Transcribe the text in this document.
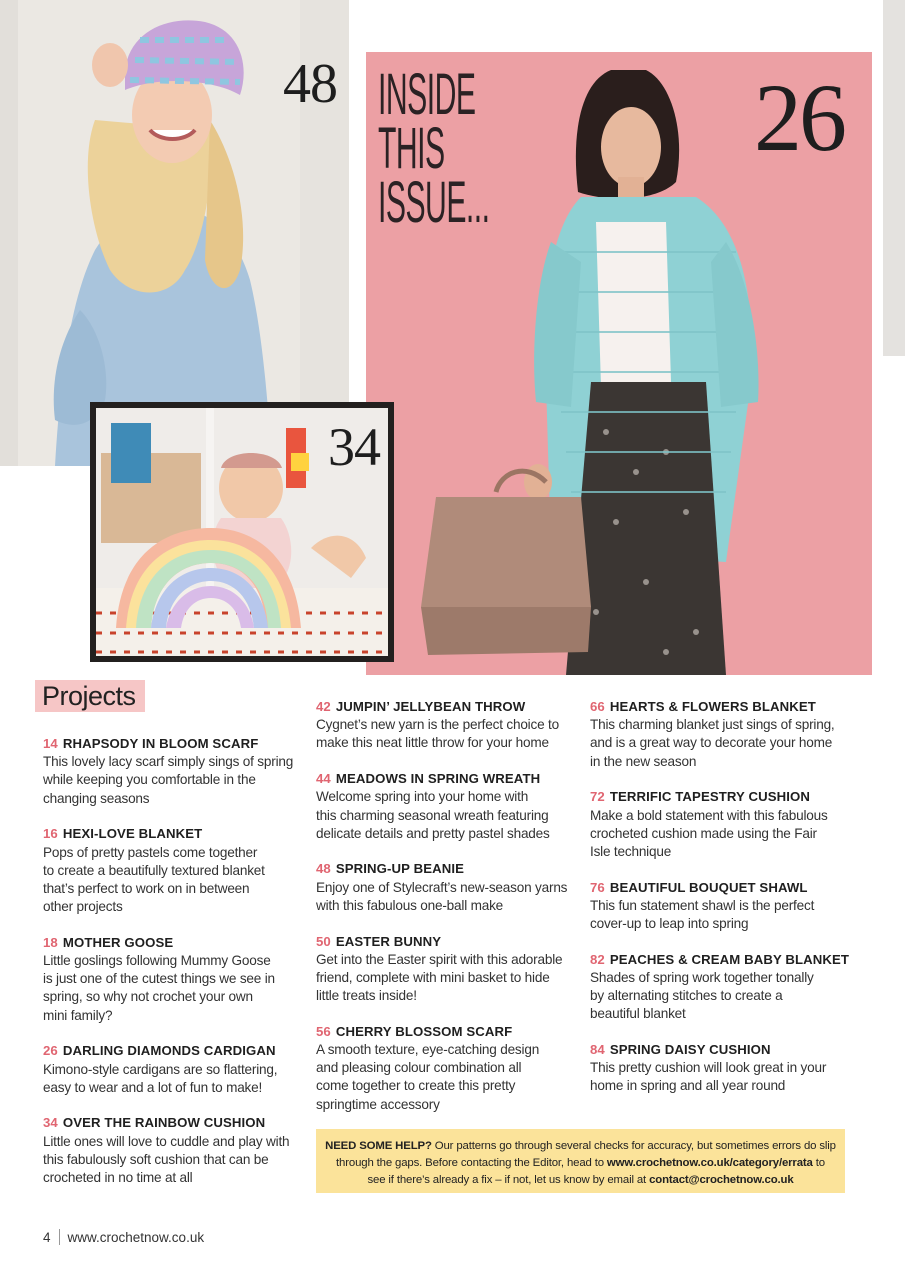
48	26
34
INSIDE
THIS
ISSUE...
Projects
14 RHAPSODY IN BLOOM SCARF
This lovely lacy scarf simply sings of spring
while keeping you comfortable in the
changing seasons
16 HEXI-LOVE BLANKET
Pops of pretty pastels come together
to create a beautifully textured blanket
that’s perfect to work on in between
other projects
18 MOTHER GOOSE
Little goslings following Mummy Goose
is just one of the cutest things we see in
spring, so why not crochet your own
mini family?
26 DARLING DIAMONDS CARDIGAN
Kimono-style cardigans are so flattering,
easy to wear and a lot of fun to make!
34 OVER THE RAINBOW CUSHION
Little ones will love to cuddle and play with
this fabulously soft cushion that can be
crocheted in no time at all
42 JUMPIN’ JELLYBEAN THROW
Cygnet’s new yarn is the perfect choice to
make this neat little throw for your home
44 MEADOWS IN SPRING WREATH
Welcome spring into your home with
this charming seasonal wreath featuring
delicate details and pretty pastel shades
48 SPRING-UP BEANIE
Enjoy one of Stylecraft’s new-season yarns
with this fabulous one-ball make
50 EASTER BUNNY
Get into the Easter spirit with this adorable
friend, complete with mini basket to hide
little treats inside!
56 CHERRY BLOSSOM SCARF
A smooth texture, eye-catching design
and pleasing colour combination all
come together to create this pretty
springtime accessory
66 HEARTS & FLOWERS BLANKET
This charming blanket just sings of spring,
and is a great way to decorate your home
in the new season
72 TERRIFIC TAPESTRY CUSHION
Make a bold statement with this fabulous
crocheted cushion made using the Fair
Isle technique
76 BEAUTIFUL BOUQUET SHAWL
This fun statement shawl is the perfect
cover-up to leap into spring
82 PEACHES & CREAM BABY BLANKET
Shades of spring work together tonally
by alternating stitches to create a
beautiful blanket
84 SPRING DAISY CUSHION
This pretty cushion will look great in your
home in spring and all year round
NEED SOME HELP? Our patterns go through several checks for accuracy, but sometimes errors do slip
through the gaps. Before contacting the Editor, head to www.crochetnow.co.uk/category/errata to
see if there’s already a fix – if not, let us know by email at contact@crochetnow.co.uk
4 www.crochetnow.co.uk
